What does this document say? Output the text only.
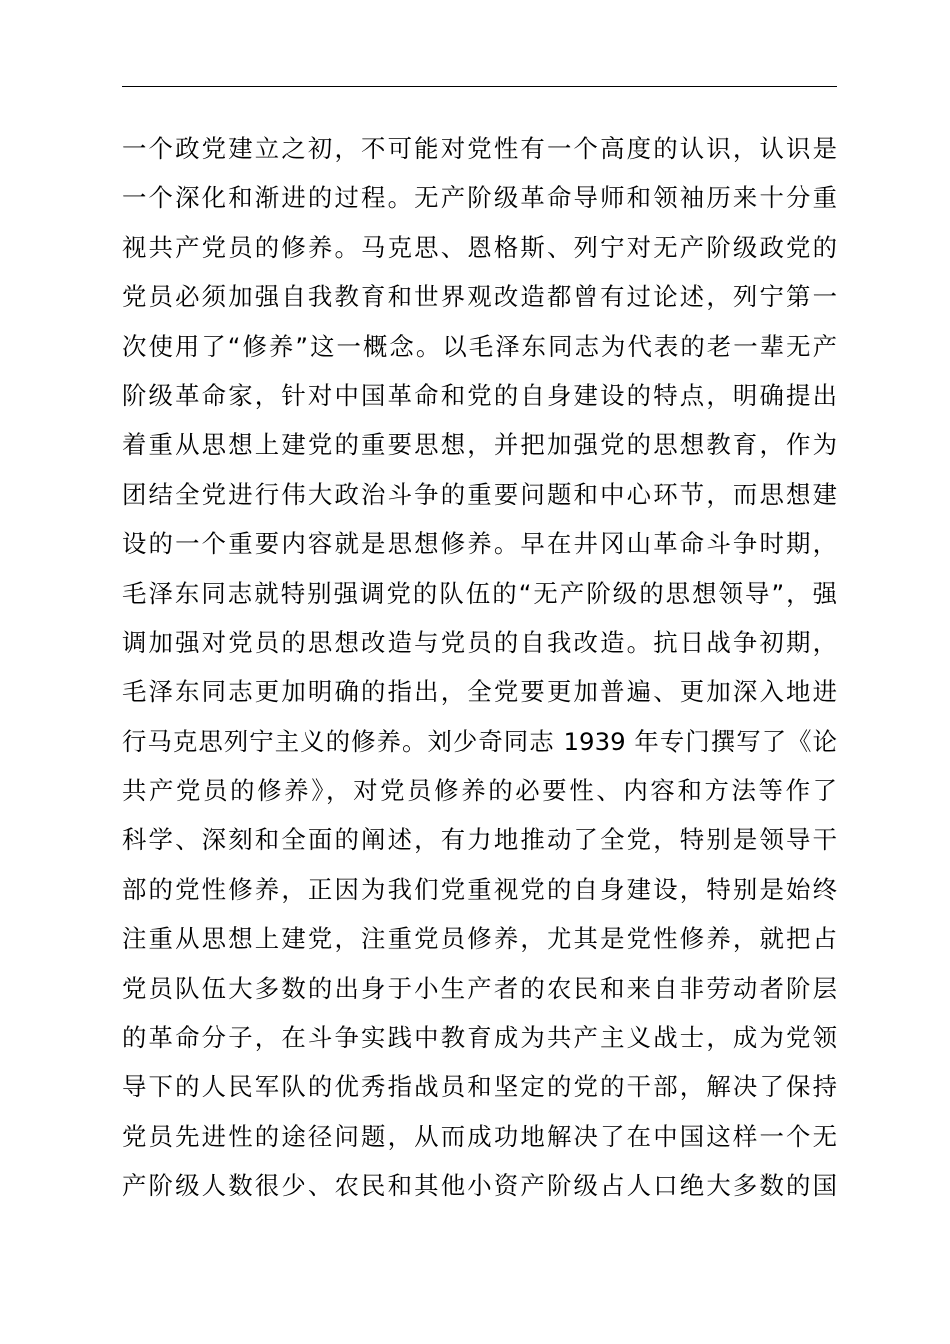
一个政党建立之初，不可能对党性有一个高度的认识，认识是
一个深化和渐进的过程。无产阶级革命导师和领袖历来十分重
视共产党员的修养。马克思、恩格斯、列宁对无产阶级政党的
党员必须加强自我教育和世界观改造都曾有过论述，列宁第一
次使用了“修养”这一概念。以毛泽东同志为代表的老一辈无产
阶级革命家，针对中国革命和党的自身建设的特点，明确提出
着重从思想上建党的重要思想，并把加强党的思想教育，作为
团结全党进行伟大政治斗争的重要问题和中心环节，而思想建
设的一个重要内容就是思想修养。早在井冈山革命斗争时期，
毛泽东同志就特别强调党的队伍的“无产阶级的思想领导”，强
调加强对党员的思想改造与党员的自我改造。抗日战争初期，
毛泽东同志更加明确的指出，全党要更加普遍、更加深入地进
行马克思列宁主义的修养。刘少奇同志 1939 年专门撰写了《论
共产党员的修养》，对党员修养的必要性、内容和方法等作了
科学、深刻和全面的阐述，有力地推动了全党，特别是领导干
部的党性修养，正因为我们党重视党的自身建设，特别是始终
注重从思想上建党，注重党员修养，尤其是党性修养，就把占
党员队伍大多数的出身于小生产者的农民和来自非劳动者阶层
的革命分子，在斗争实践中教育成为共产主义战士，成为党领
导下的人民军队的优秀指战员和坚定的党的干部，解决了保持
党员先进性的途径问题，从而成功地解决了在中国这样一个无
产阶级人数很少、农民和其他小资产阶级占人口绝大多数的国
